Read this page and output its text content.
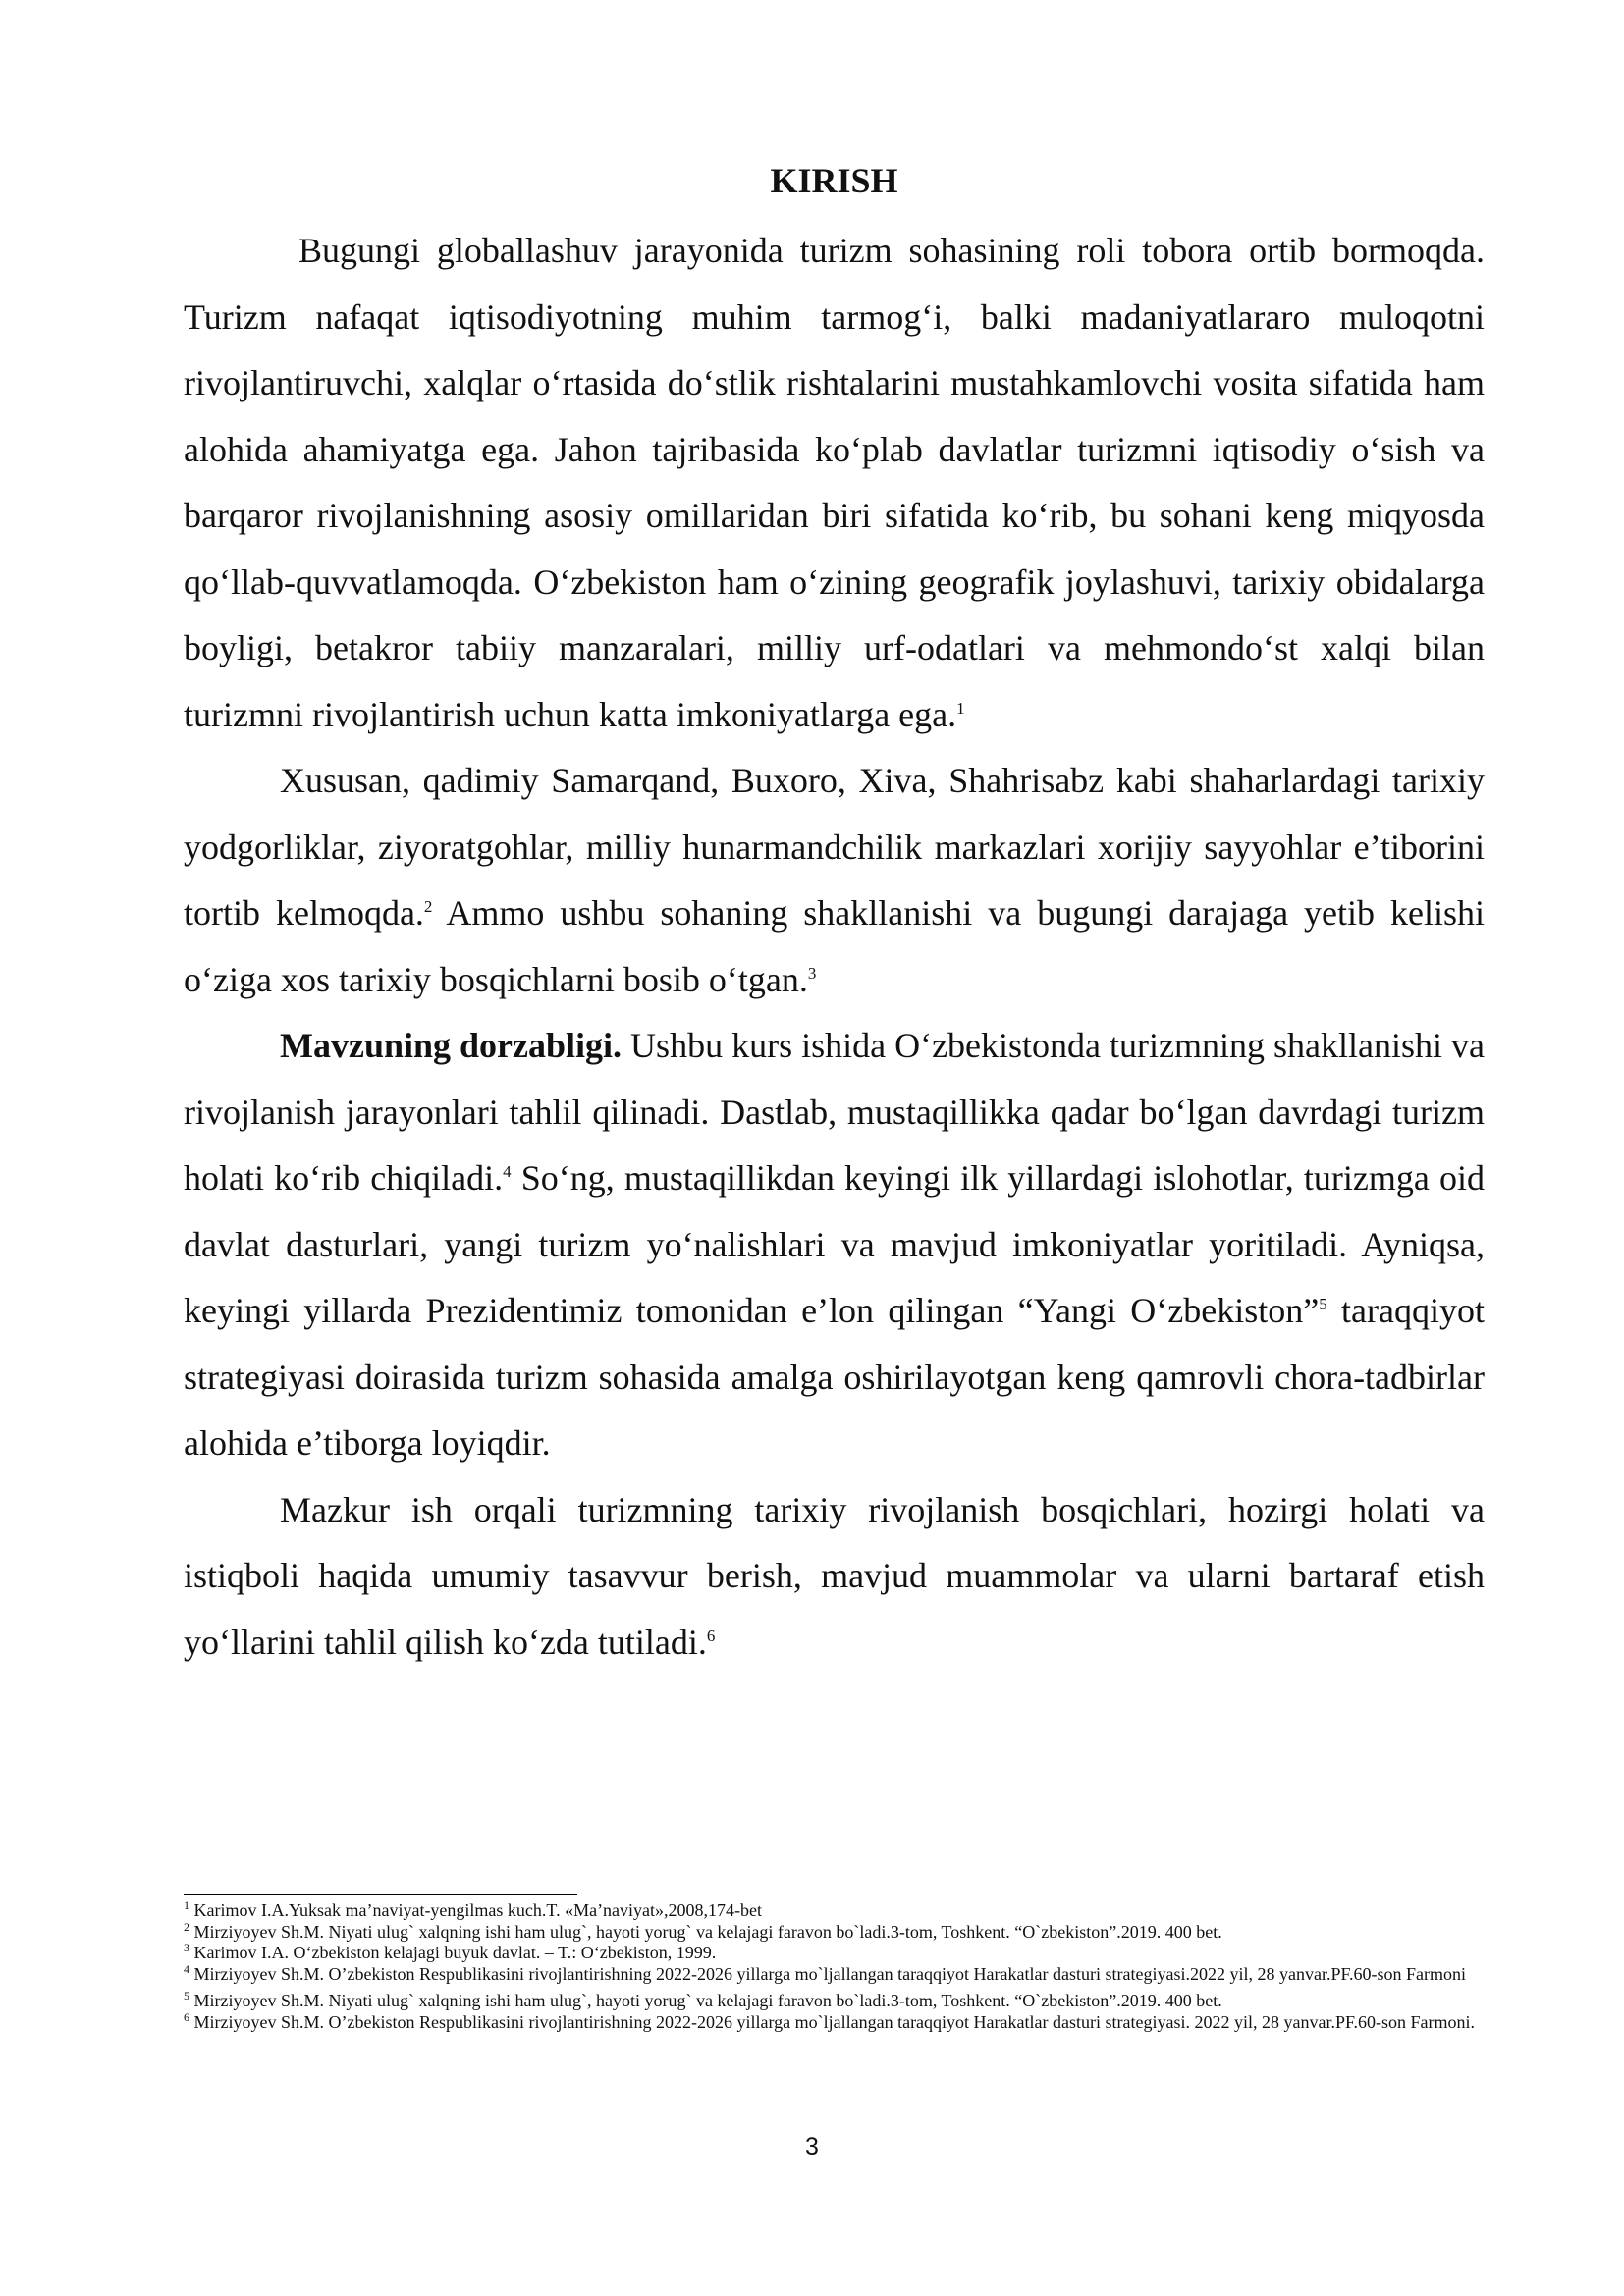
KIRISH

Bugungi globallashuv jarayonida turizm sohasining roli tobora ortib bormoqda. Turizm nafaqat iqtisodiyotning muhim tarmog‘i, balki madaniyatlararo muloqotni rivojlantiruvchi, xalqlar o‘rtasida do‘stlik rishtalarini mustahkamlovchi vosita sifatida ham alohida ahamiyatga ega. Jahon tajribasida ko‘plab davlatlar turizmni iqtisodiy o‘sish va barqaror rivojlanishning asosiy omillaridan biri sifatida ko‘rib, bu sohani keng miqyosda qo‘llab-quvvatlamoqda. O‘zbekiston ham o‘zining geografik joylashuvi, tarixiy obidalarga boyligi, betakror tabiiy manzaralari, milliy urf-odatlari va mehmondo‘st xalqi bilan turizmni rivojlantirish uchun katta imkoniyatlarga ega.$^1$

Xususan, qadimiy Samarqand, Buxoro, Xiva, Shahrisabz kabi shaharlardagi tarixiy yodgorliklar, ziyoratgohlar, milliy hunarmandchilik markazlari xorijiy sayyohlar e’tiborini tortib kelmoqda.$^2$ Ammo ushbu sohaning shakllanishi va bugungi darajaga yetib kelishi o‘ziga xos tarixiy bosqichlarni bosib o‘tgan.$^3$

Mavzuning dorzabligi. Ushbu kurs ishida O‘zbekistonda turizmning shakllanishi va rivojlanish jarayonlari tahlil qilinadi. Dastlab, mustaqillikka qadar bo‘lgan davrdagi turizm holati ko‘rib chiqiladi.$^4$ So‘ng, mustaqillikdan keyingi ilk yillardagi islohotlar, turizmga oid davlat dasturlari, yangi turizm yo‘nalishlari va mavjud imkoniyatlar yoritiladi. Ayniqsa, keyingi yillarda Prezidentimiz tomonidan e’lon qilingan “Yangi O‘zbekiston”$^5$ taraqqiyot strategiyasi doirasida turizm sohasida amalga oshirilayotgan keng qamrovli chora-tadbirlar alohida e’tiborga loyiqdir.

Mazkur ish orqali turizmning tarixiy rivojlanish bosqichlari, hozirgi holati va istiqboli haqida umumiy tasavvur berish, mavjud muammolar va ularni bartaraf etish yo‘llarini tahlil qilish ko‘zda tutiladi.$^6$

$^1$ Karimov I.A.Yuksak ma’naviyat-yengilmas kuch.T. «Ma’naviyat»,2008,174-bet

$^2$ Mirziyoyev Sh.M. Niyati ulug` xalqning ishi ham ulug`, hayoti yorug` va kelajagi faravon bo`ladi.3-tom, Toshkent. “O`zbekiston”.2019. 400 bet.

$^3$ Karimov I.A. O‘zbekiston kelajagi buyuk davlat. – T.: O‘zbekiston, 1999.

$^4$ Mirziyoyev Sh.M. O’zbekiston Respublikasini rivojlantirishning 2022-2026 yillarga mo`ljallangan taraqqiyot Harakatlar dasturi strategiyasi.2022 yil, 28 yanvar.PF.60-son Farmoni

$^5$ Mirziyoyev Sh.M. Niyati ulug` xalqning ishi ham ulug`, hayoti yorug` va kelajagi faravon bo`ladi.3-tom, Toshkent. “O`zbekiston”.2019. 400 bet.

$^6$ Mirziyoyev Sh.M. O’zbekiston Respublikasini rivojlantirishning 2022-2026 yillarga mo`ljallangan taraqqiyot Harakatlar dasturi strategiyasi. 2022 yil, 28 yanvar.PF.60-son Farmoni.

3
